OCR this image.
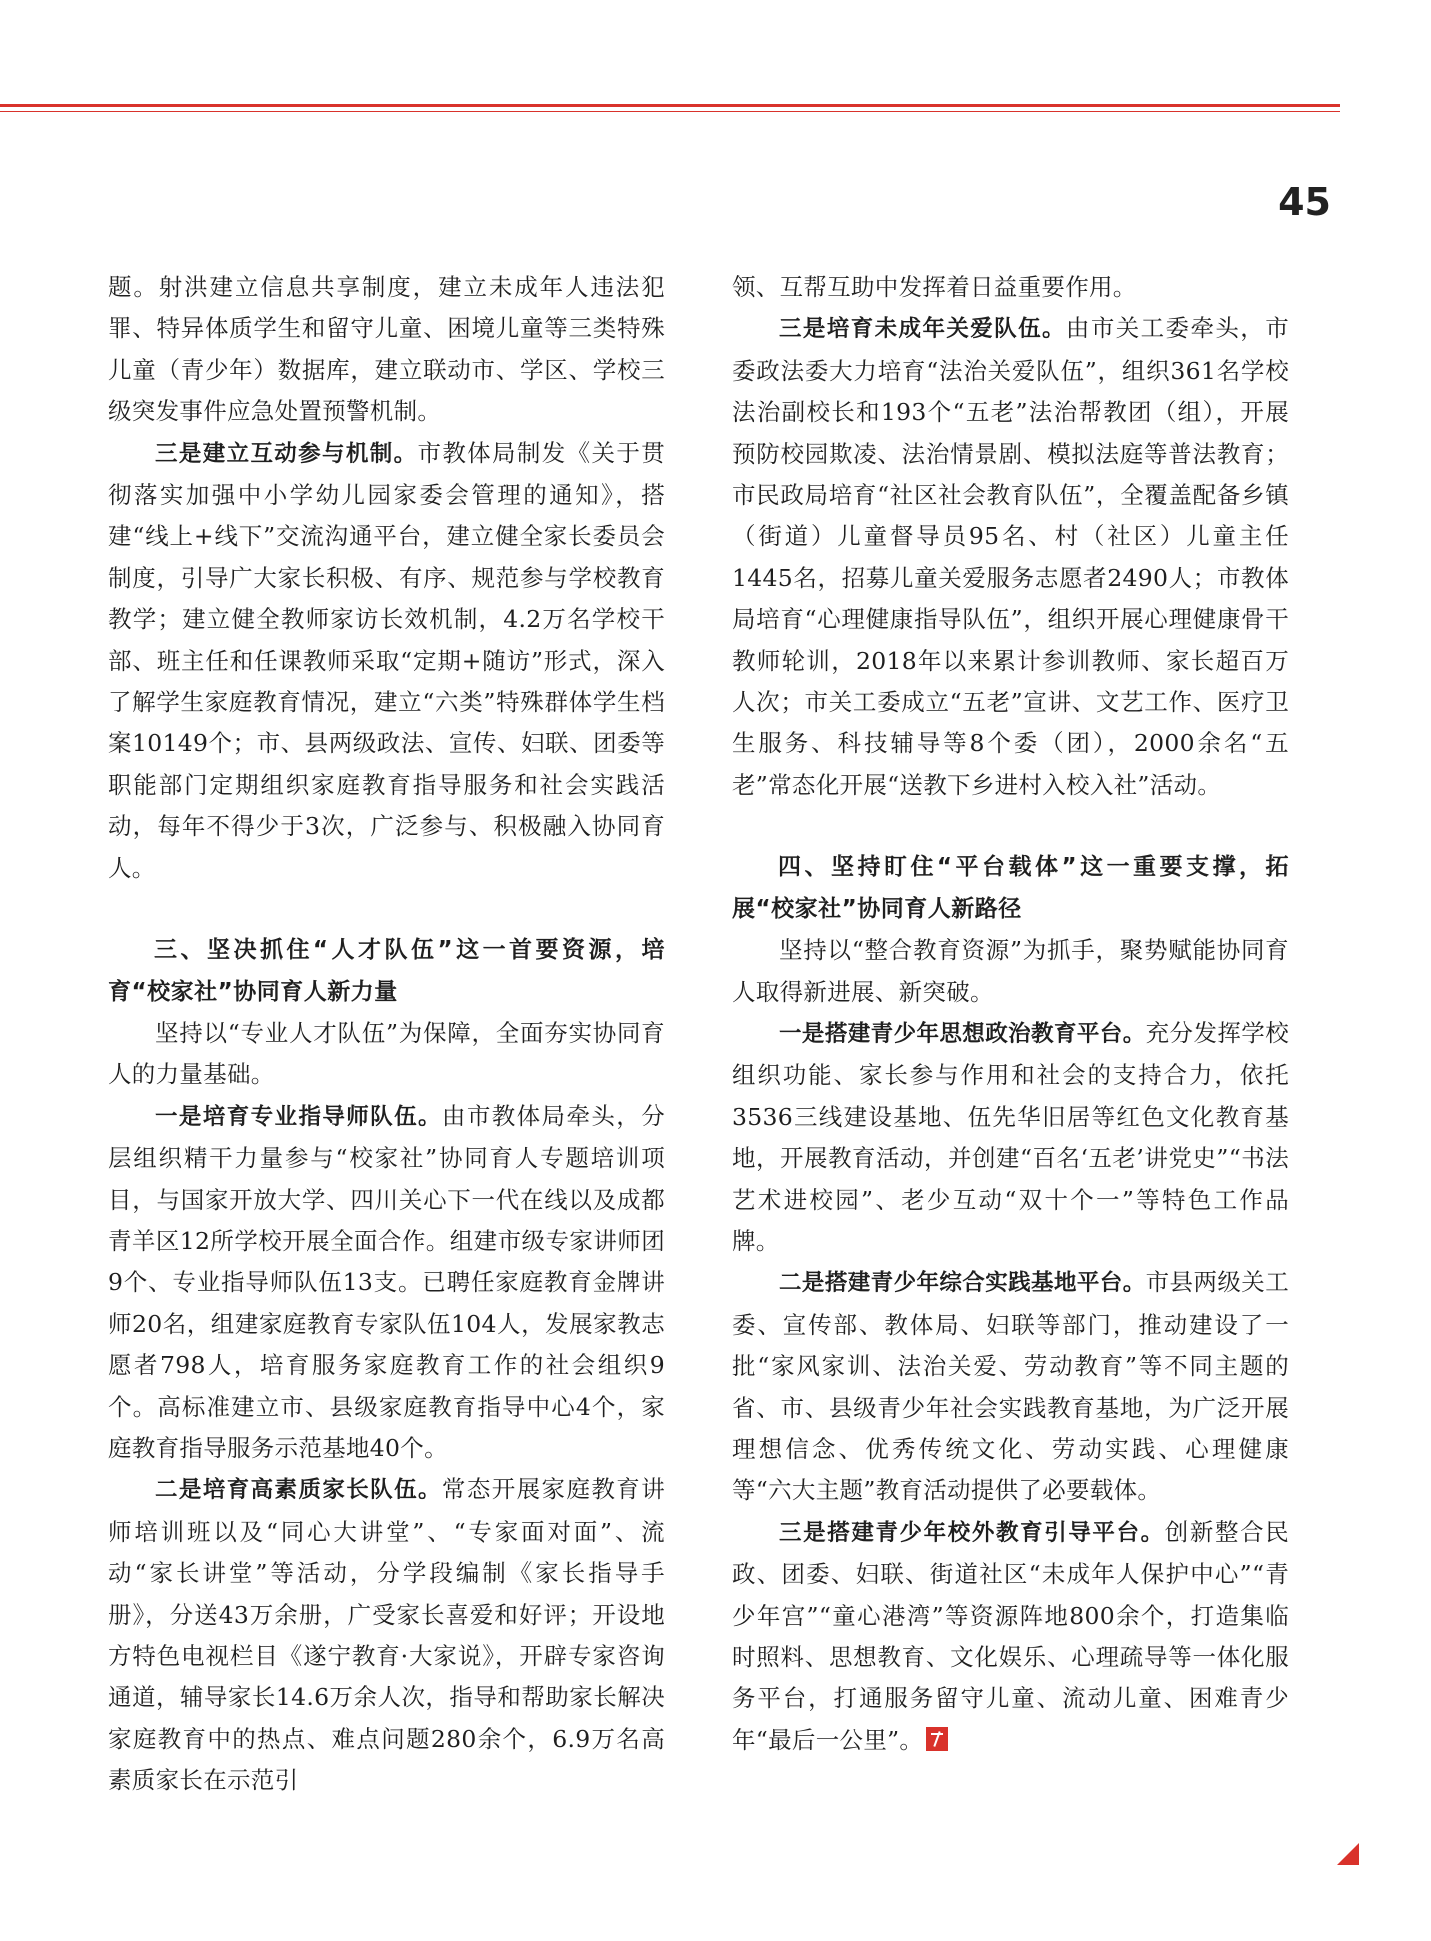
45

题。射洪建立信息共享制度，建立未成年人违法犯罪、特异体质学生和留守儿童、困境儿童等三类特殊儿童（青少年）数据库，建立联动市、学区、学校三级突发事件应急处置预警机制。

三是建立互动参与机制。市教体局制发《关于贯彻落实加强中小学幼儿园家委会管理的通知》，搭建“线上+线下”交流沟通平台，建立健全家长委员会制度，引导广大家长积极、有序、规范参与学校教育教学；建立健全教师家访长效机制，4.2万名学校干部、班主任和任课教师采取“定期+随访”形式，深入了解学生家庭教育情况，建立“六类”特殊群体学生档案10149个；市、县两级政法、宣传、妇联、团委等职能部门定期组织家庭教育指导服务和社会实践活动，每年不得少于3次，广泛参与、积极融入协同育人。

三、坚决抓住“人才队伍”这一首要资源，培育“校家社”协同育人新力量

坚持以“专业人才队伍”为保障，全面夯实协同育人的力量基础。

一是培育专业指导师队伍。由市教体局牵头，分层组织精干力量参与“校家社”协同育人专题培训项目，与国家开放大学、四川关心下一代在线以及成都青羊区12所学校开展全面合作。组建市级专家讲师团9个、专业指导师队伍13支。已聘任家庭教育金牌讲师20名，组建家庭教育专家队伍104人，发展家教志愿者798人，培育服务家庭教育工作的社会组织9个。高标准建立市、县级家庭教育指导中心4个，家庭教育指导服务示范基地40个。

二是培育高素质家长队伍。常态开展家庭教育讲师培训班以及“同心大讲堂”、“专家面对面”、流动“家长讲堂”等活动，分学段编制《家长指导手册》，分送43万余册，广受家长喜爱和好评；开设地方特色电视栏目《遂宁教育·大家说》，开辟专家咨询通道，辅导家长14.6万余人次，指导和帮助家长解决家庭教育中的热点、难点问题280余个，6.9万名高素质家长在示范引

领、互帮互助中发挥着日益重要作用。

三是培育未成年关爱队伍。由市关工委牵头，市委政法委大力培育“法治关爱队伍”，组织361名学校法治副校长和193个“五老”法治帮教团（组），开展预防校园欺凌、法治情景剧、模拟法庭等普法教育；市民政局培育“社区社会教育队伍”，全覆盖配备乡镇（街道）儿童督导员95名、村（社区）儿童主任1445名，招募儿童关爱服务志愿者2490人；市教体局培育“心理健康指导队伍”，组织开展心理健康骨干教师轮训，2018年以来累计参训教师、家长超百万人次；市关工委成立“五老”宣讲、文艺工作、医疗卫生服务、科技辅导等8个委（团），2000余名“五老”常态化开展“送教下乡进村入校入社”活动。

四、坚持盯住“平台载体”这一重要支撑，拓展“校家社”协同育人新路径

坚持以“整合教育资源”为抓手，聚势赋能协同育人取得新进展、新突破。

一是搭建青少年思想政治教育平台。充分发挥学校组织功能、家长参与作用和社会的支持合力，依托3536三线建设基地、伍先华旧居等红色文化教育基地，开展教育活动，并创建“百名‘五老’讲党史”“书法艺术进校园”、老少互动“双十个一”等特色工作品牌。

二是搭建青少年综合实践基地平台。市县两级关工委、宣传部、教体局、妇联等部门，推动建设了一批“家风家训、法治关爱、劳动教育”等不同主题的省、市、县级青少年社会实践教育基地，为广泛开展理想信念、优秀传统文化、劳动实践、心理健康等“六大主题”教育活动提供了必要载体。

三是搭建青少年校外教育引导平台。创新整合民政、团委、妇联、街道社区“未成年人保护中心”“青少年宫”“童心港湾”等资源阵地800余个，打造集临时照料、思想教育、文化娱乐、心理疏导等一体化服务平台，打通服务留守儿童、流动儿童、困难青少年“最后一公里”。
